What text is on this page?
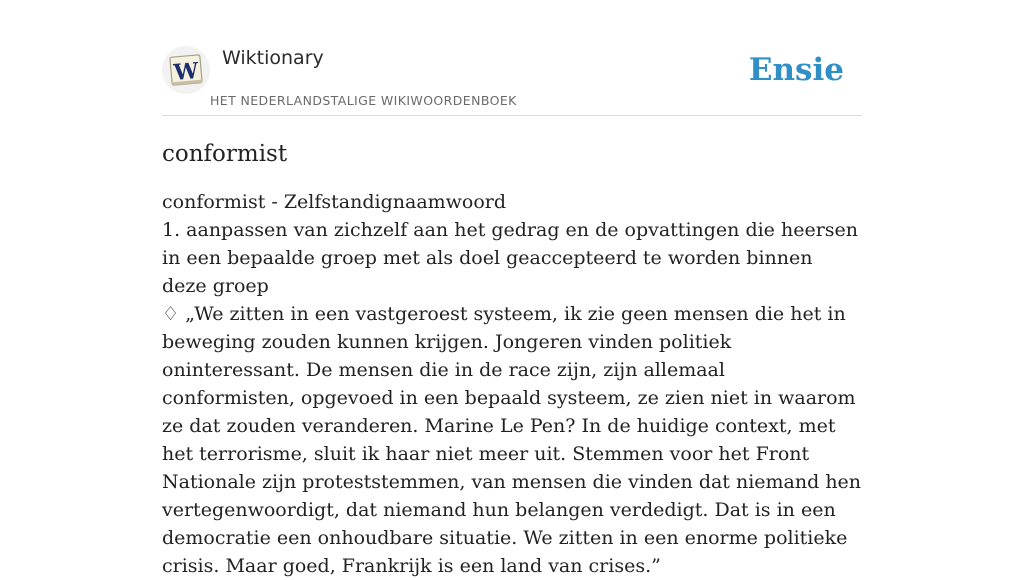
W Wiktionary
HET NEDERLANDSTALIGE WIKIWOORDENBOEK
Ensie
conformist

conformist - Zelfstandignaamwoord

1. aanpassen van zichzelf aan het gedrag en de opvattingen die heersen in een bepaalde groep met als doel geaccepteerd te worden binnen deze groep

♢ „We zitten in een vastgeroest systeem, ik zie geen mensen die het in beweging zouden kunnen krijgen. Jongeren vinden politiek oninteressant. De mensen die in de race zijn, zijn allemaal conformisten, opgevoed in een bepaald systeem, ze zien niet in waarom ze dat zouden veranderen. Marine Le Pen? In de huidige context, met het terrorisme, sluit ik haar niet meer uit. Stemmen voor het Front Nationale zijn proteststemmen, van mensen die vinden dat niemand hen vertegenwoordigt, dat niemand hun belangen verdedigt. Dat is in een democratie een onhoudbare situatie. We zitten in een enorme politieke crisis. Maar goed, Frankrijk is een land van crises.”
